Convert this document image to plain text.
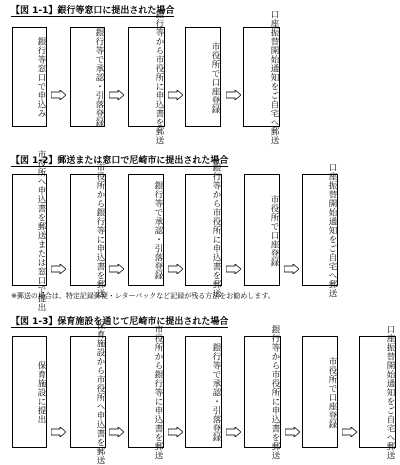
【図 1-1】銀行等窓口に提出された場合
銀行等窓口で申込み	銀行等で
承認・引落登録
銀行等から市役所に
申込書を郵送
市役所で口座登録	口座振替開始通知を
ご自宅へ郵送
【図 1-2】郵送または窓口で尼崎市に提出された場合
市役所へ申込書を郵送
または窓口で提出
市役所から銀行等に
申込書を郵送
銀行等で
承認・引落登録
銀行等から市役所に
申込書を郵送
市役所で口座登録	口座振替開始通知を
ご自宅へ郵送
※郵送の場合は、特定記録郵便・レターパックなど記録が残る方法をお勧めします。
【図 1-3】保育施設を通じて尼崎市に提出された場合
保育施設に提出	保育施設から市役所へ
申込書を郵送
市役所から銀行等に
申込書を郵送
銀行等で
承認・引落登録
銀行等から市役所に
申込書を郵送
市役所で口座登録	口座振替開始通知を
ご自宅へ郵送
